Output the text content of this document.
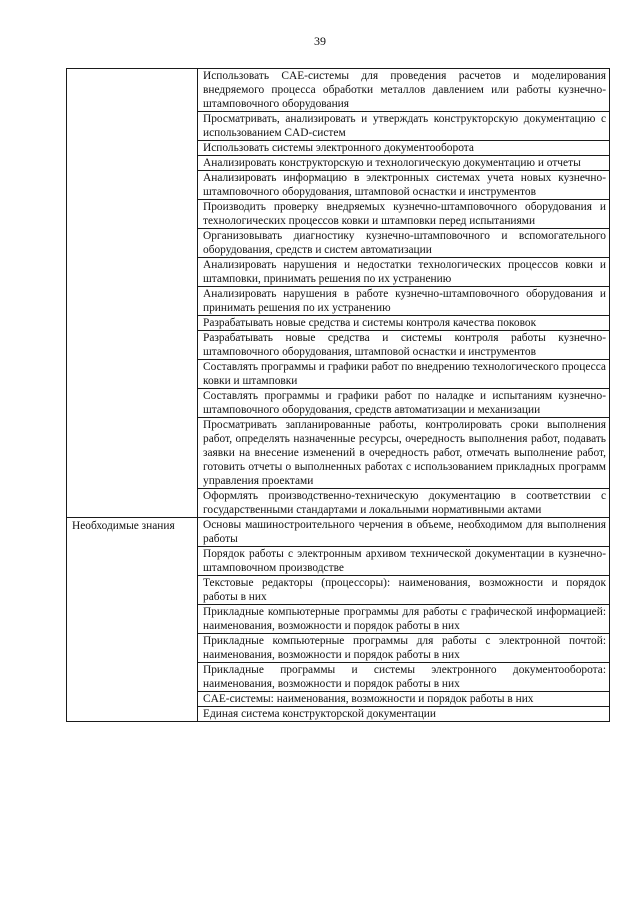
39

	Использовать CAE-системы для проведения расчетов и моделирования внедряемого процесса обработки металлов давлением или работы кузнечно-штамповочного оборудования

	Просматривать, анализировать и утверждать конструкторскую документацию с использованием CAD-систем

	Использовать системы электронного документооборота

	Анализировать конструкторскую и технологическую документацию и отчеты

	Анализировать информацию в электронных системах учета новых кузнечно-штамповочного оборудования, штамповой оснастки и инструментов

	Производить проверку внедряемых кузнечно-штамповочного оборудования и технологических процессов ковки и штамповки перед испытаниями

	Организовывать диагностику кузнечно-штамповочного и вспомогательного оборудования, средств и систем автоматизации

	Анализировать нарушения и недостатки технологических процессов ковки и штамповки, принимать решения по их устранению

	Анализировать нарушения в работе кузнечно-штамповочного оборудования и принимать решения по их устранению

	Разрабатывать новые средства и системы контроля качества поковок

	Разрабатывать новые средства и системы контроля работы кузнечно-штамповочного оборудования, штамповой оснастки и инструментов

	Составлять программы и графики работ по внедрению технологического процесса ковки и штамповки

	Составлять программы и графики работ по наладке и испытаниям кузнечно-штамповочного оборудования, средств автоматизации и механизации

	Просматривать запланированные работы, контролировать сроки выполнения работ, определять назначенные ресурсы, очередность выполнения работ, подавать заявки на внесение изменений в очередность работ, отмечать выполнение работ, готовить отчеты о выполненных работах с использованием прикладных программ управления проектами

	Оформлять производственно-техническую документацию в соответствии с государственными стандартами и локальными нормативными актами

Необходимые знания	Основы машиностроительного черчения в объеме, необходимом для выполнения работы

	Порядок работы с электронным архивом технической документации в кузнечно-штамповочном производстве

	Текстовые редакторы (процессоры): наименования, возможности и порядок работы в них

	Прикладные компьютерные программы для работы с графической информацией: наименования, возможности и порядок работы в них

	Прикладные компьютерные программы для работы с электронной почтой: наименования, возможности и порядок работы в них

	Прикладные программы и системы электронного документооборота: наименования, возможности и порядок работы в них

	CAE-системы: наименования, возможности и порядок работы в них

	Единая система конструкторской документации
